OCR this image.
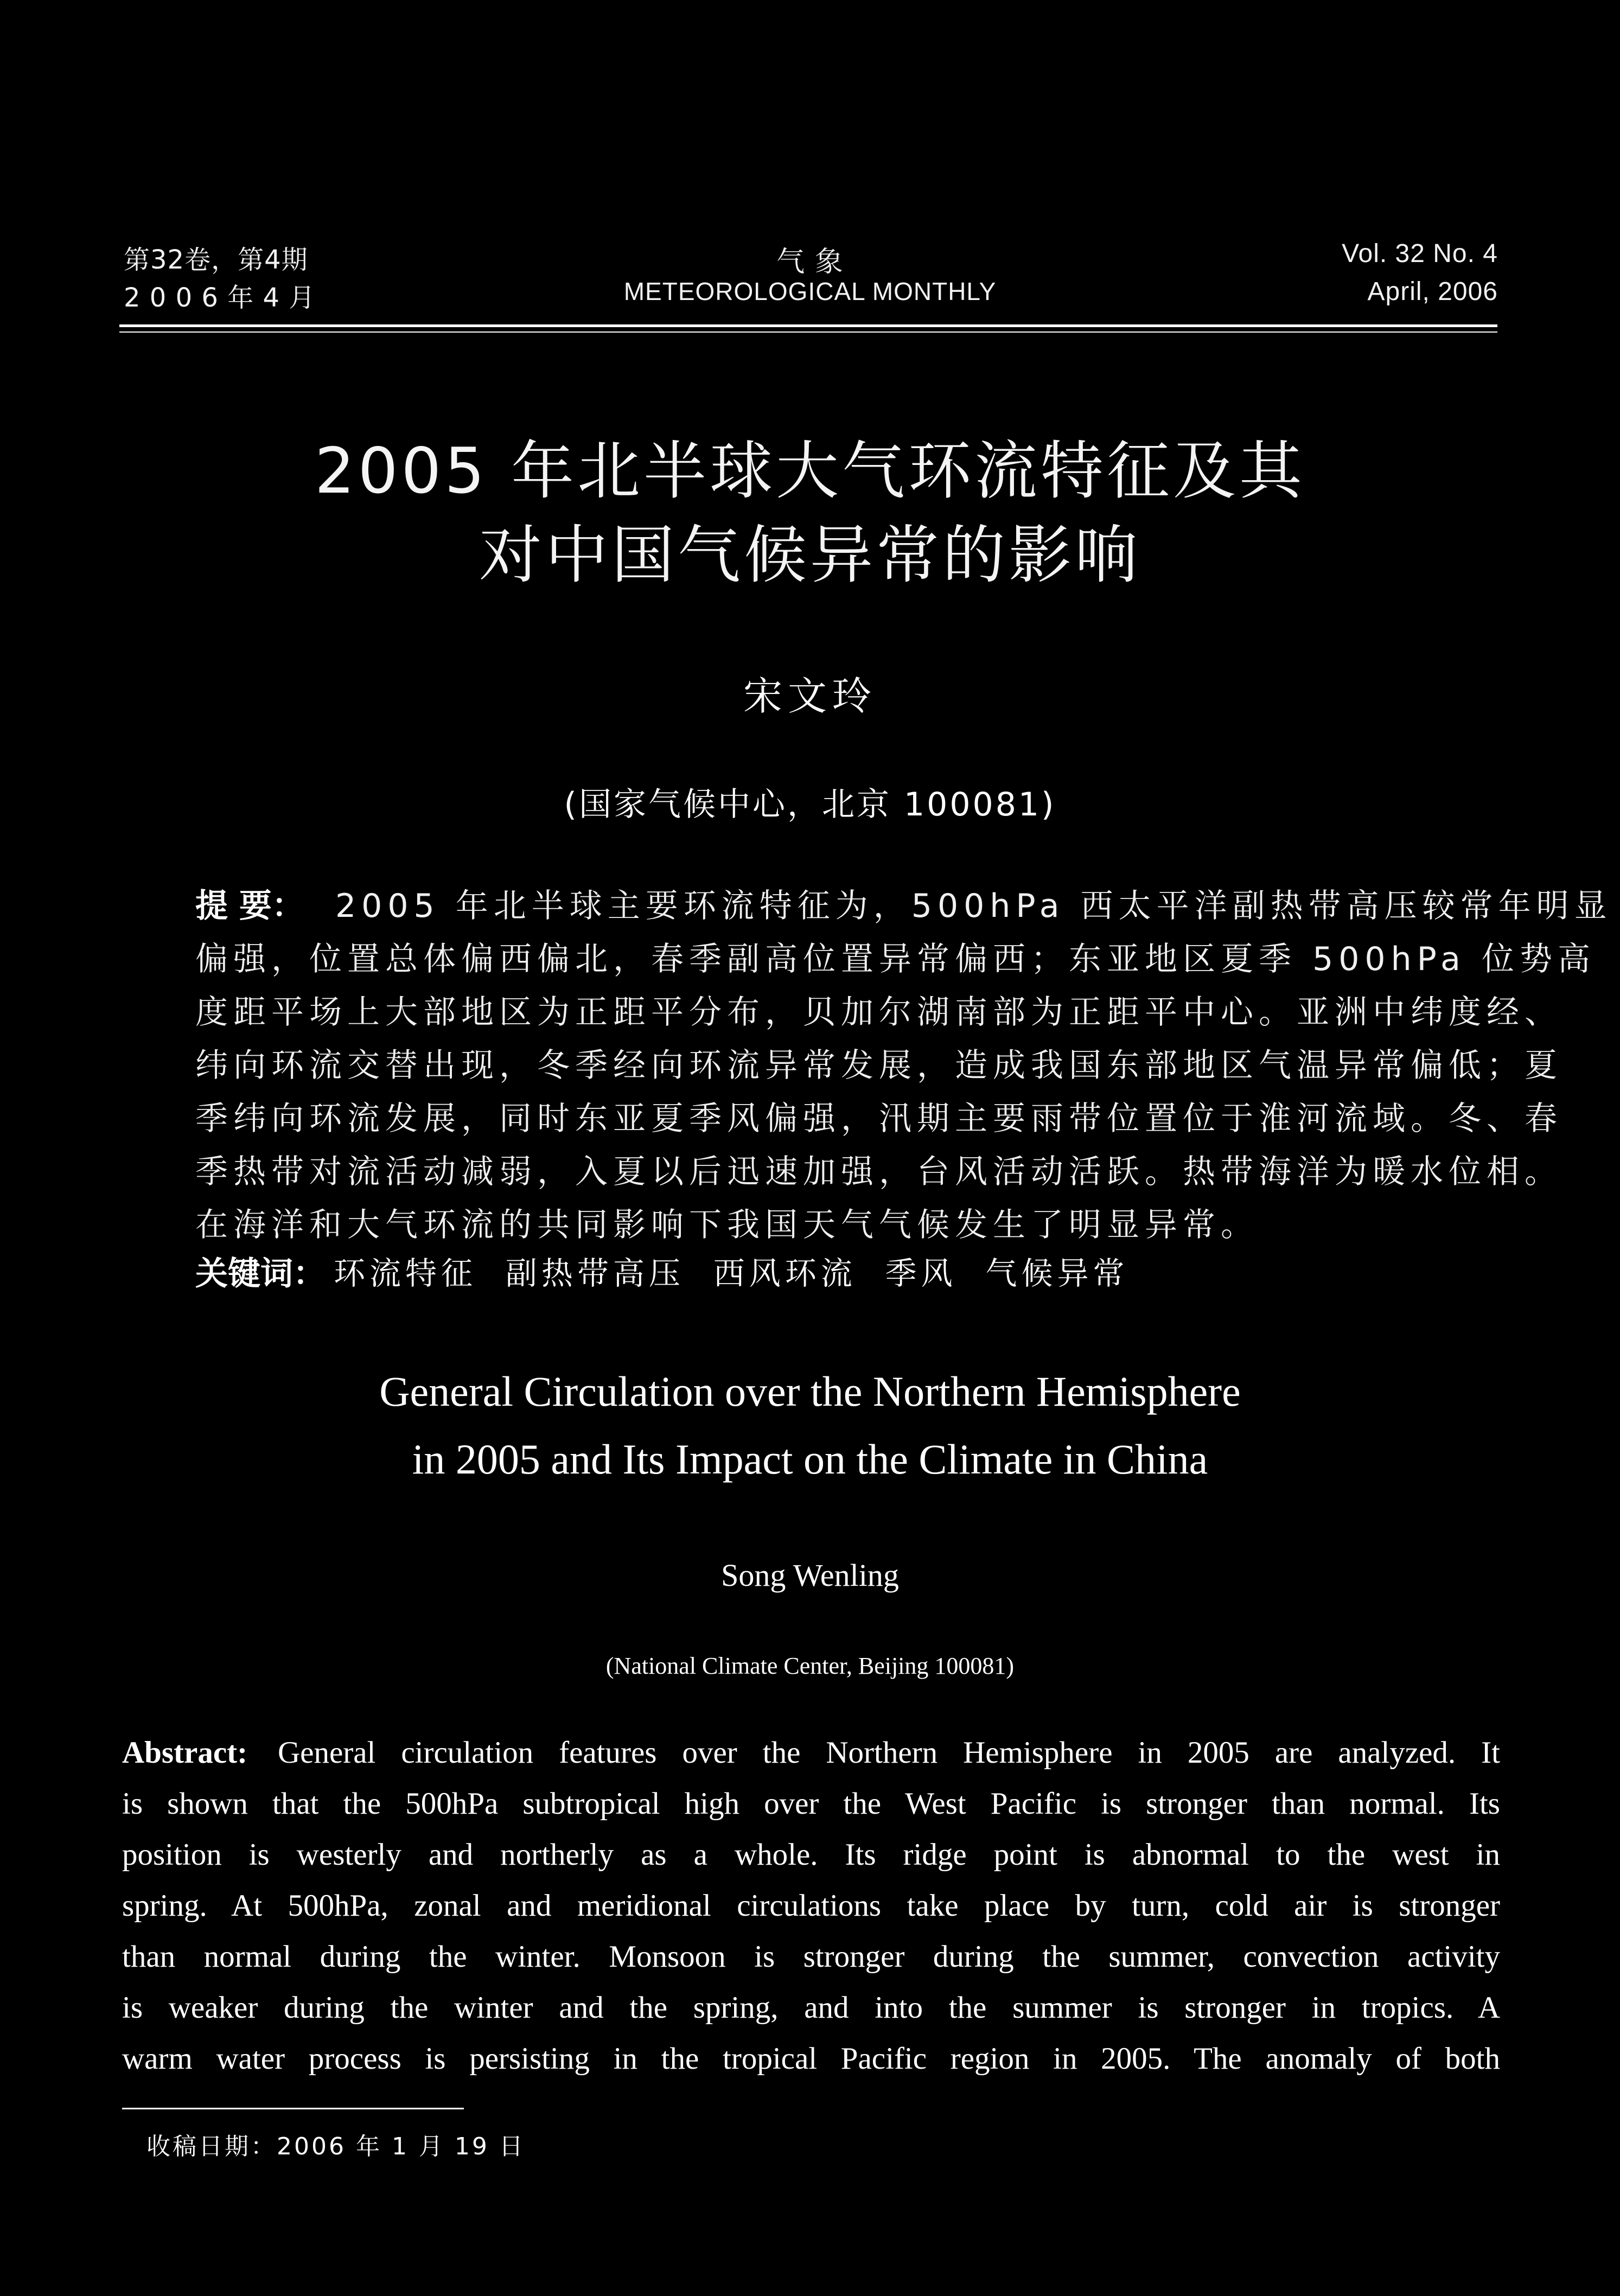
第32卷，第4期
2 0 0 6 年 4 月
气 象
METEOROLOGICAL MONTHLY
Vol. 32 No. 4
April, 2006
2005 年北半球大气环流特征及其
对中国气候异常的影响
宋文玲
(国家气候中心，北京 100081)
提 要： 2005 年北半球主要环流特征为，500hPa 西太平洋副热带高压较常年明显
偏强，位置总体偏西偏北，春季副高位置异常偏西；东亚地区夏季 500hPa 位势高
度距平场上大部地区为正距平分布，贝加尔湖南部为正距平中心。亚洲中纬度经、
纬向环流交替出现，冬季经向环流异常发展，造成我国东部地区气温异常偏低；夏
季纬向环流发展，同时东亚夏季风偏强，汛期主要雨带位置位于淮河流域。冬、春
季热带对流活动减弱，入夏以后迅速加强，台风活动活跃。热带海洋为暖水位相。
在海洋和大气环流的共同影响下我国天气气候发生了明显异常。
关键词： 环流特征  副热带高压  西风环流  季风  气候异常
General Circulation over the Northern Hemisphere
in 2005 and Its Impact on the Climate in China
Song Wenling
(National Climate Center, Beijing 100081)
Abstract: General circulation features over the Northern Hemisphere in 2005 are analyzed. It
is shown that the 500hPa subtropical high over the West Pacific is stronger than normal. Its
position is westerly and northerly as a whole. Its ridge point is abnormal to the west in
spring. At 500hPa, zonal and meridional circulations take place by turn, cold air is stronger
than normal during the winter. Monsoon is stronger during the summer, convection activity
is weaker during the winter and the spring, and into the summer is stronger in tropics. A
warm water process is persisting in the tropical Pacific region in 2005. The anomaly of both
收稿日期：2006 年 1 月 19 日
